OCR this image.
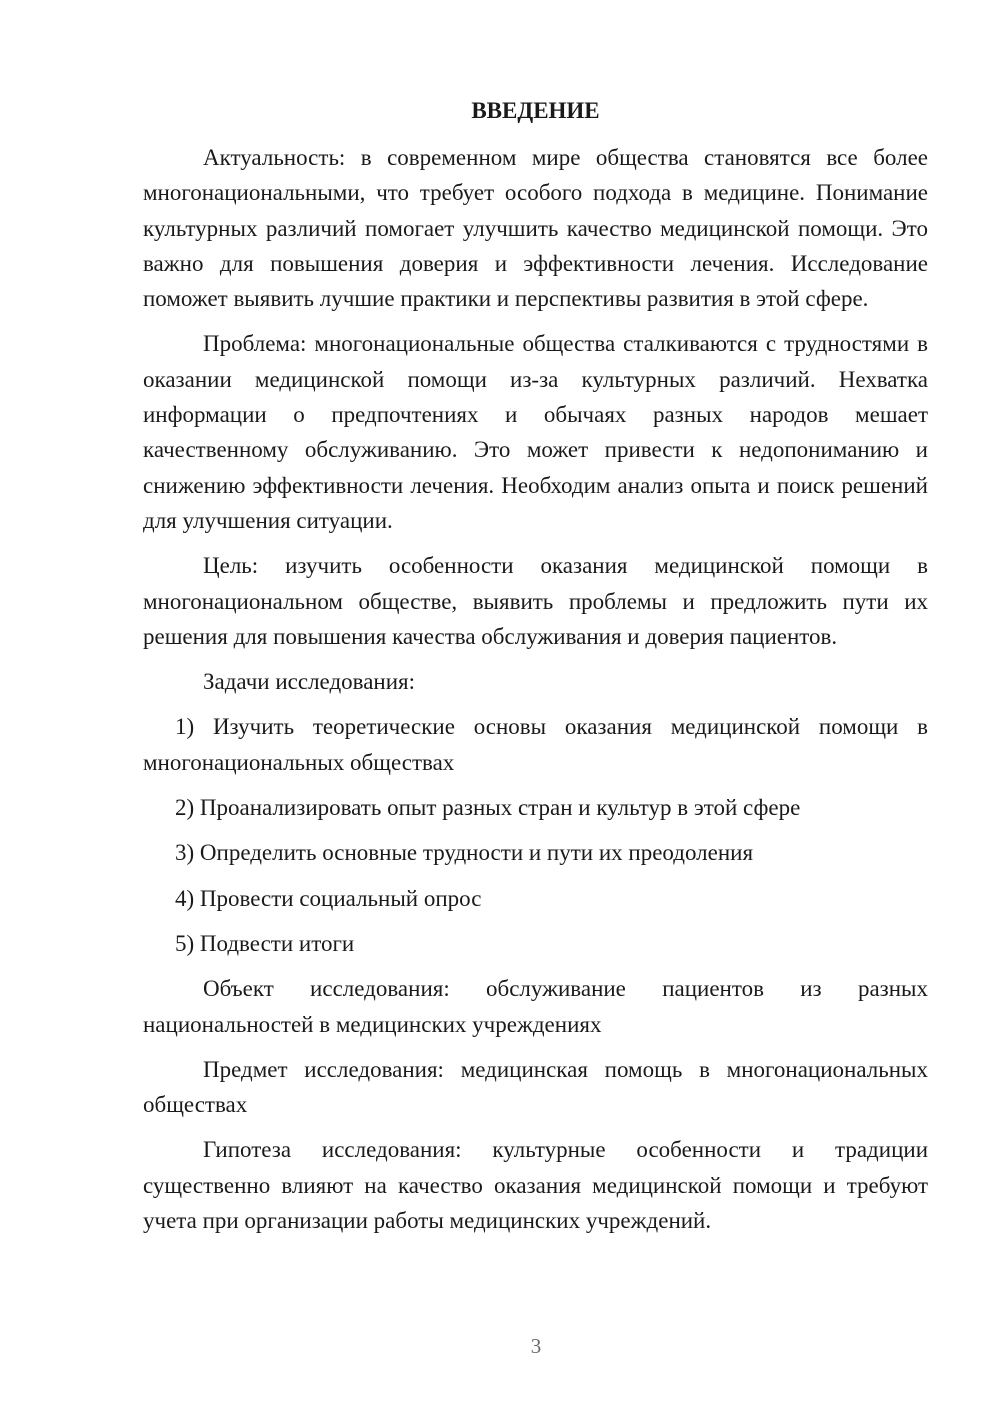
ВВЕДЕНИЕ

Актуальность: в современном мире общества становятся все более многонациональными, что требует особого подхода в медицине. Понимание культурных различий помогает улучшить качество медицинской помощи. Это важно для повышения доверия и эффективности лечения. Исследование поможет выявить лучшие практики и перспективы развития в этой сфере.

Проблема: многонациональные общества сталкиваются с трудностями в оказании медицинской помощи из-за культурных различий. Нехватка информации о предпочтениях и обычаях разных народов мешает качественному обслуживанию. Это может привести к недопониманию и снижению эффективности лечения. Необходим анализ опыта и поиск решений для улучшения ситуации.

Цель: изучить особенности оказания медицинской помощи в многонациональном обществе, выявить проблемы и предложить пути их решения для повышения качества обслуживания и доверия пациентов.

Задачи исследования:

1) Изучить теоретические основы оказания медицинской помощи в многонациональных обществах

2) Проанализировать опыт разных стран и культур в этой сфере

3) Определить основные трудности и пути их преодоления

4) Провести социальный опрос

5) Подвести итоги

Объект исследования: обслуживание пациентов из разных национальностей в медицинских учреждениях

Предмет исследования: медицинская помощь в многонациональных обществах

Гипотеза исследования: культурные особенности и традиции существенно влияют на качество оказания медицинской помощи и требуют учета при организации работы медицинских учреждений.

3
